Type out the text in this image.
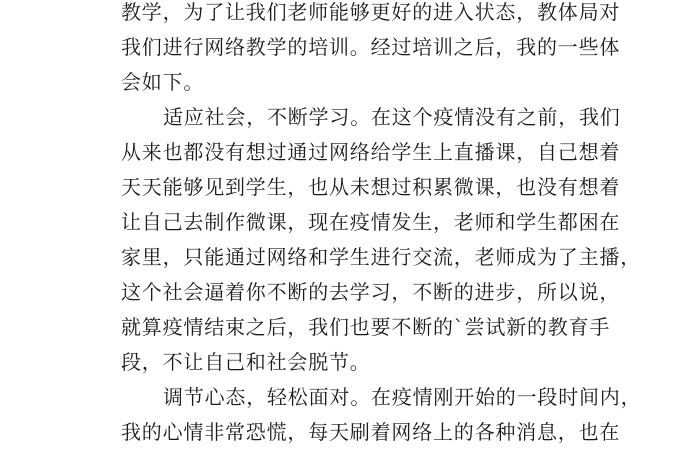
教学，为了让我们老师能够更好的进入状态，教体局对
我们进行网络教学的培训。经过培训之后，我的一些体
会如下。
适应社会，不断学习。在这个疫情没有之前，我们
从来也都没有想过通过网络给学生上直播课，自己想着
天天能够见到学生，也从未想过积累微课，也没有想着
让自己去制作微课，现在疫情发生，老师和学生都困在
家里，只能通过网络和学生进行交流，老师成为了主播，
这个社会逼着你不断的去学习，不断的进步，所以说，
就算疫情结束之后，我们也要不断的`尝试新的教育手
段，不让自己和社会脱节。
调节心态，轻松面对。在疫情刚开始的一段时间内，
我的心情非常恐慌，每天刷着网络上的各种消息，也在
